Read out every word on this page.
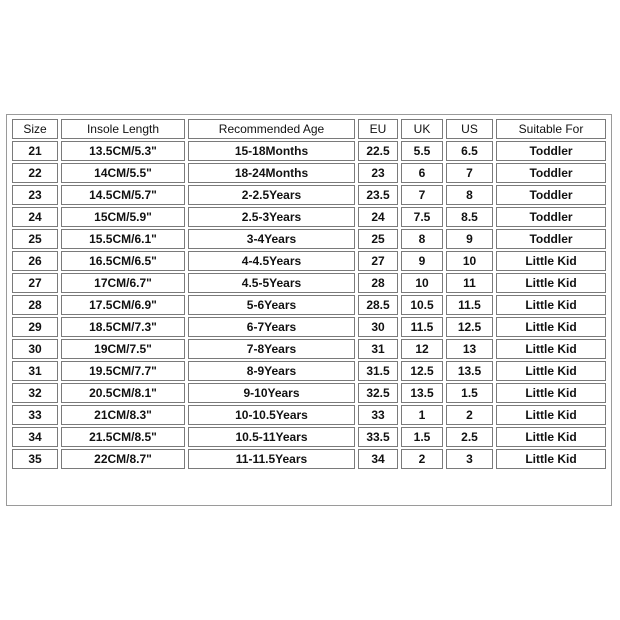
Size	Insole Length	Recommended Age	EU	UK	US	Suitable For
21	13.5CM/5.3"	15-18Months	22.5	5.5	6.5	Toddler
22	14CM/5.5"	18-24Months	23	6	7	Toddler
23	14.5CM/5.7"	2-2.5Years	23.5	7	8	Toddler
24	15CM/5.9"	2.5-3Years	24	7.5	8.5	Toddler
25	15.5CM/6.1"	3-4Years	25	8	9	Toddler
26	16.5CM/6.5"	4-4.5Years	27	9	10	Little Kid
27	17CM/6.7"	4.5-5Years	28	10	11	Little Kid
28	17.5CM/6.9"	5-6Years	28.5	10.5	11.5	Little Kid
29	18.5CM/7.3"	6-7Years	30	11.5	12.5	Little Kid
30	19CM/7.5"	7-8Years	31	12	13	Little Kid
31	19.5CM/7.7"	8-9Years	31.5	12.5	13.5	Little Kid
32	20.5CM/8.1"	9-10Years	32.5	13.5	1.5	Little Kid
33	21CM/8.3"	10-10.5Years	33	1	2	Little Kid
34	21.5CM/8.5"	10.5-11Years	33.5	1.5	2.5	Little Kid
35	22CM/8.7"	11-11.5Years	34	2	3	Little Kid
